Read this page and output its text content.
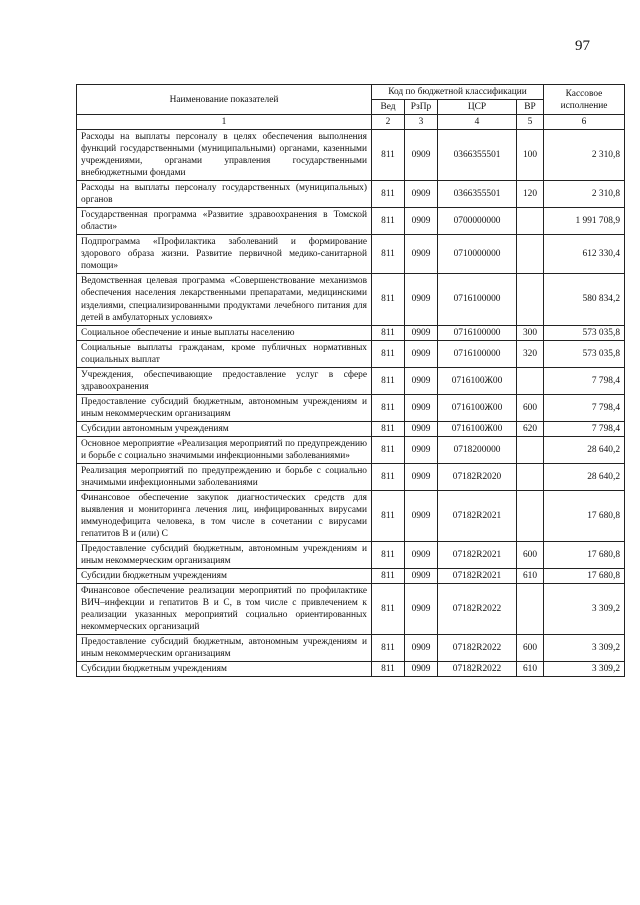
97
Наименование показателей	Код по бюджетной классификации				Кассовое исполнение
	Вед	РзПр	ЦСР	ВР	
1	2	3	4	5	6
Расходы на выплаты персоналу в целях обеспечения выполнения функций государственными (муниципальными) органами, казенными учреждениями, органами управления государственными внебюджетными фондами	811	0909	0366355501	100	2 310,8
Расходы на выплаты персоналу государственных (муниципальных) органов	811	0909	0366355501	120	2 310,8
Государственная программа «Развитие здравоохранения в Томской области»	811	0909	0700000000		1 991 708,9
Подпрограмма «Профилактика заболеваний и формирование здорового образа жизни. Развитие первичной медико-санитарной помощи»	811	0909	0710000000		612 330,4
Ведомственная целевая программа «Совершенствование механизмов обеспечения населения лекарственными препаратами, медицинскими изделиями, специализированными продуктами лечебного питания для детей в амбулаторных условиях»	811	0909	0716100000		580 834,2
Социальное обеспечение и иные выплаты населению	811	0909	0716100000	300	573 035,8
Социальные выплаты гражданам, кроме публичных нормативных социальных выплат	811	0909	0716100000	320	573 035,8
Учреждения, обеспечивающие предоставление услуг в сфере здравоохранения	811	0909	0716100Ж00		7 798,4
Предоставление субсидий бюджетным, автономным учреждениям и иным некоммерческим организациям	811	0909	0716100Ж00	600	7 798,4
Субсидии автономным учреждениям	811	0909	0716100Ж00	620	7 798,4
Основное мероприятие «Реализация мероприятий по предупреждению и борьбе с социально значимыми инфекционными заболеваниями»	811	0909	0718200000		28 640,2
Реализация мероприятий по предупреждению и борьбе с социально значимыми инфекционными заболеваниями	811	0909	07182R2020		28 640,2
Финансовое обеспечение закупок диагностических средств для выявления и мониторинга лечения лиц, инфицированных вирусами иммунодефицита человека, в том числе в сочетании с вирусами гепатитов В и (или) С	811	0909	07182R2021		17 680,8
Предоставление субсидий бюджетным, автономным учреждениям и иным некоммерческим организациям	811	0909	07182R2021	600	17 680,8
Субсидии бюджетным учреждениям	811	0909	07182R2021	610	17 680,8
Финансовое обеспечение реализации мероприятий по профилактике ВИЧ–инфекции и гепатитов В и С, в том числе с привлечением к реализации указанных мероприятий социально ориентированных некоммерческих организаций	811	0909	07182R2022		3 309,2
Предоставление субсидий бюджетным, автономным учреждениям и иным некоммерческим организациям	811	0909	07182R2022	600	3 309,2
Субсидии бюджетным учреждениям	811	0909	07182R2022	610	3 309,2
